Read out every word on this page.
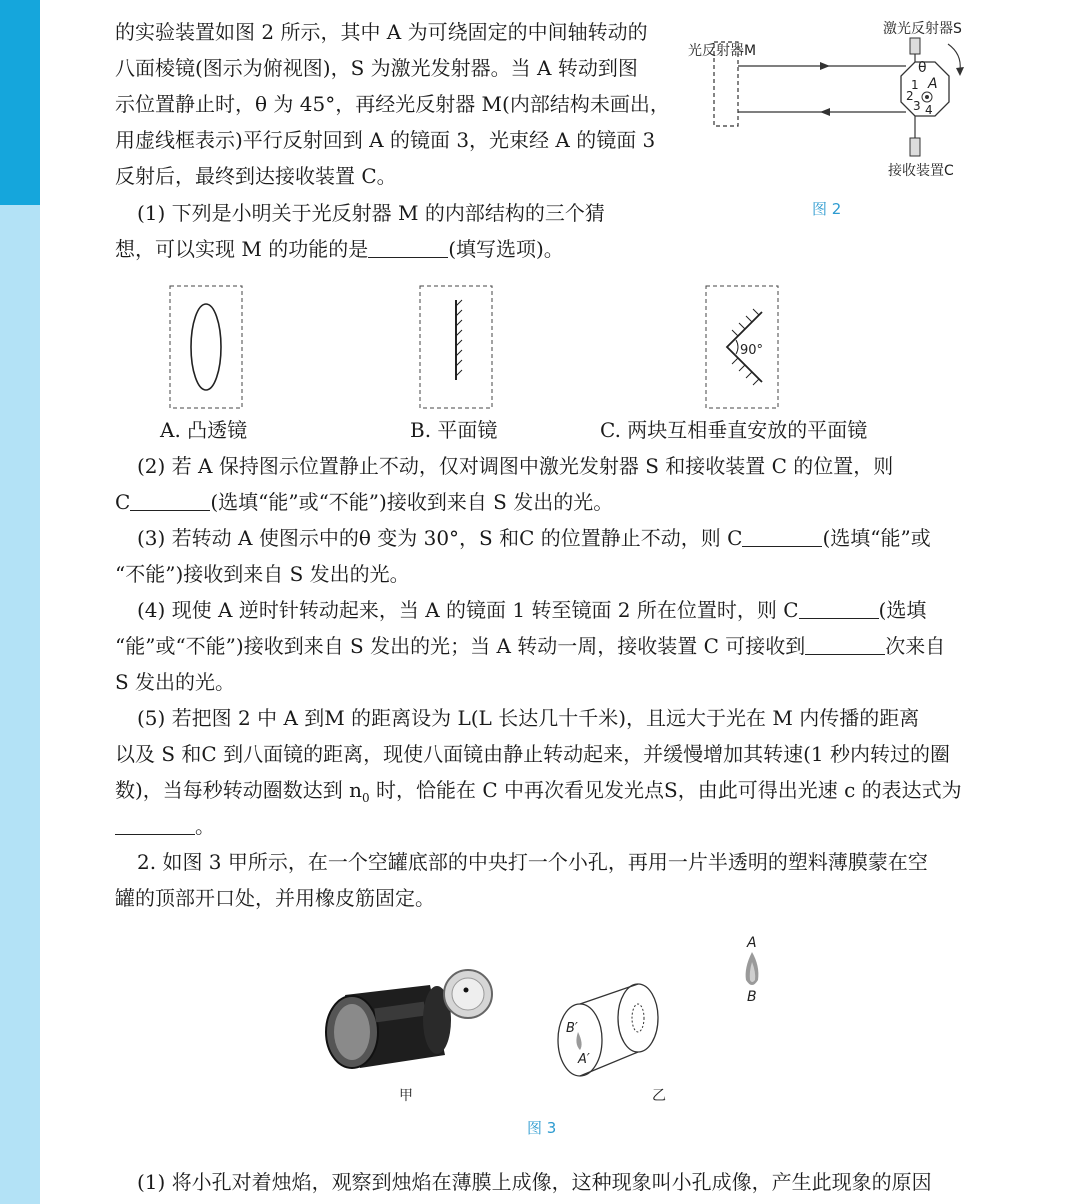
的实验装置如图 2 所示，其中 A 为可绕固定的中间轴转动的
八面棱镜(图示为俯视图)，S 为激光发射器。当 A 转动到图
示位置静止时，θ 为 45°，再经光反射器 M(内部结构未画出，
用虚线框表示)平行反射回到 A 的镜面 3，光束经 A 的镜面 3
反射后，最终到达接收装置 C。
(1) 下列是小明关于光反射器 M 的内部结构的三个猜
想，可以实现 M 的功能的是	(填写选项)。
光反射器M
激光反射器S
接收装置C
θ
A
1
2
3 4
图 2
90°
A. 凸透镜	B. 平面镜	C. 两块互相垂直安放的平面镜
(2) 若 A 保持图示位置静止不动，仅对调图中激光发射器 S 和接收装置 C 的位置，则
C	(选填“能”或“不能”)接收到来自 S 发出的光。
(3) 若转动 A 使图示中的θ 变为 30°，S 和C 的位置静止不动，则 C	(选填“能”或
“不能”)接收到来自 S 发出的光。
(4) 现使 A 逆时针转动起来，当 A 的镜面 1 转至镜面 2 所在位置时，则 C	(选填
“能”或“不能”)接收到来自 S 发出的光；当 A 转动一周，接收装置 C 可接收到	次来自
S 发出的光。
(5) 若把图 2 中 A 到M 的距离设为 L(L 长达几十千米)，且远大于光在 M 内传播的距离
以及 S 和C 到八面镜的距离，现使八面镜由静止转动起来，并缓慢增加其转速(1 秒内转过的圈
数)，当每秒转动圈数达到 $n_0$ 时，恰能在 C 中再次看见发光点S，由此可得出光速 c 的表达式为
。
2. 如图 3 甲所示，在一个空罐底部的中央打一个小孔，再用一片半透明的塑料薄膜蒙在空
罐的顶部开口处，并用橡皮筋固定。
A
B
B′
A′
甲	乙
图 3
(1) 将小孔对着烛焰，观察到烛焰在薄膜上成像，这种现象叫小孔成像，产生此现象的原因
